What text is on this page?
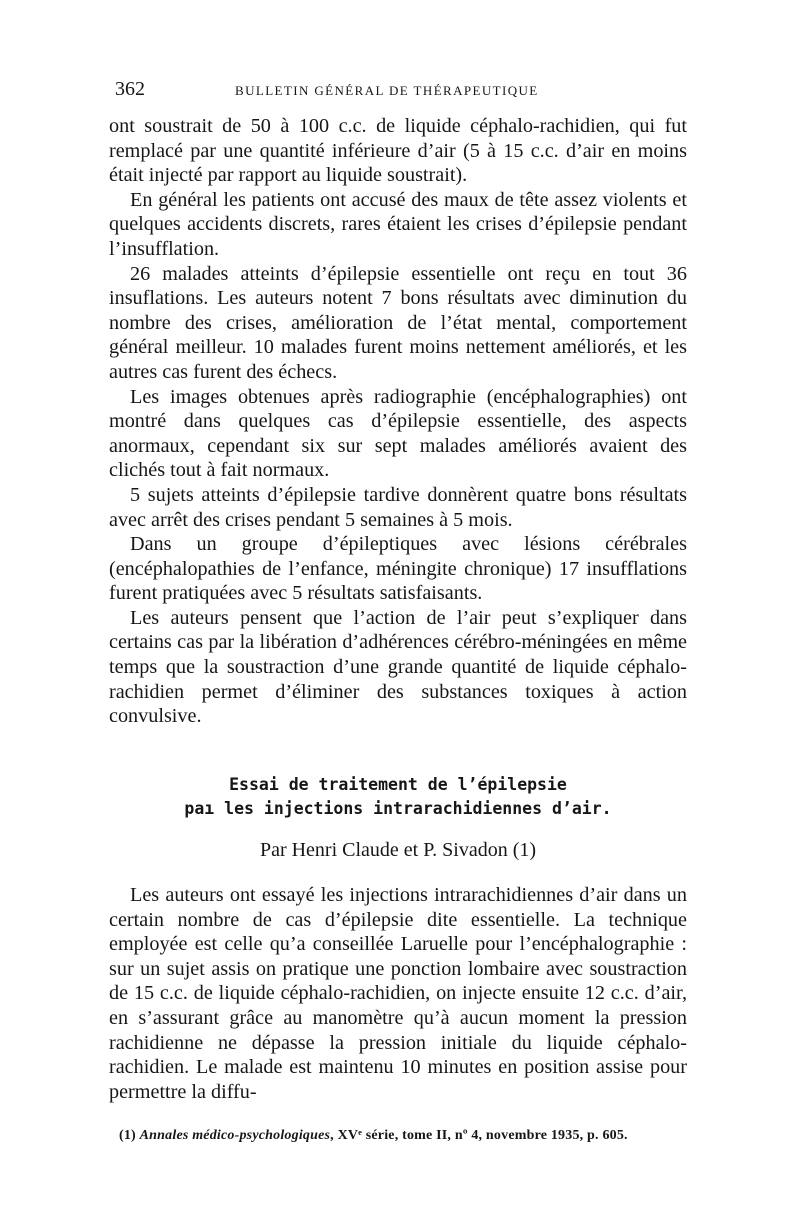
362	BULLETIN GÉNÉRAL DE THÉRAPEUTIQUE

ont soustrait de 50 à 100 c.c. de liquide céphalo-rachidien, qui fut remplacé par une quantité inférieure d’air (5 à 15 c.c. d’air en moins était injecté par rapport au liquide soustrait).

En général les patients ont accusé des maux de tête assez violents et quelques accidents discrets, rares étaient les crises d’épilepsie pendant l’insufflation.

26 malades atteints d’épilepsie essentielle ont reçu en tout 36 insuflations. Les auteurs notent 7 bons résultats avec diminution du nombre des crises, amélioration de l’état mental, comportement général meilleur. 10 malades furent moins nettement améliorés, et les autres cas furent des échecs.

Les images obtenues après radiographie (encéphalographies) ont montré dans quelques cas d’épilepsie essentielle, des aspects anormaux, cependant six sur sept malades améliorés avaient des clichés tout à fait normaux.

5 sujets atteints d’épilepsie tardive donnèrent quatre bons résultats avec arrêt des crises pendant 5 semaines à 5 mois.

Dans un groupe d’épileptiques avec lésions cérébrales (encéphalopathies de l’enfance, méningite chronique) 17 insufflations furent pratiquées avec 5 résultats satisfaisants.

Les auteurs pensent que l’action de l’air peut s’expliquer dans certains cas par la libération d’adhérences cérébro-méningées en même temps que la soustraction d’une grande quantité de liquide céphalo-rachidien permet d’éliminer des substances toxiques à action convulsive.

Essai de traitement de l’épilepsie
paı les injections intrarachidiennes d’air.
Par Henri Claude et P. Sivadon (1)

Les auteurs ont essayé les injections intrarachidiennes d’air dans un certain nombre de cas d’épilepsie dite essentielle. La technique employée est celle qu’a conseillée Laruelle pour l’encéphalographie : sur un sujet assis on pratique une ponction lombaire avec soustraction de 15 c.c. de liquide céphalo-rachidien, on injecte ensuite 12 c.c. d’air, en s’assurant grâce au manomètre qu’à aucun moment la pression rachidienne ne dépasse la pression initiale du liquide céphalo-rachidien. Le malade est maintenu 10 minutes en position assise pour permettre la diffu-

(1) Annales médico-psychologiques, XVᵉ série, tome II, nº 4, novembre 1935, p. 605.
